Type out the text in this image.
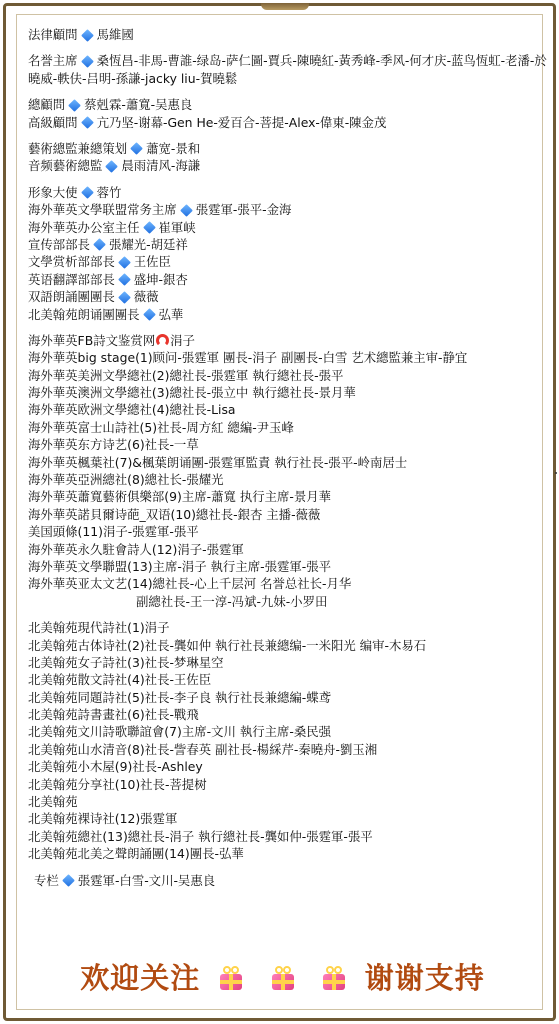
法律顧問 馬維國
名誉主席 桑恆昌-非馬-曹誰-绿岛-萨仁圖-賈兵-陳曉紅-黃秀峰-季风-何才庆-蓝鸟恆虹-老潘-於曉威-軼伕-吕明-孫謙-jacky liu-賀曉鬆
總顧問 蔡剋霖-蕭寬-吴惠良
高級顧問 亢乃坚-谢幕-Gen He-爱百合-菩提-Alex-偉東-陳金茂
藝術總監兼總策划 蕭宽-景和
音频藝術總監 晨雨清风-海謙
形象大使 蓉竹
海外華英文學联盟常务主席 張霆軍-張平-金海
海外華英办公室主任 崔軍峡
宣传部部長 張耀光-胡廷祥
文學赏析部部長 王佐臣
英语翻譯部部長 盛坤-銀杏
双語朗誦團團長 薇薇
北美翰苑朗诵團團長 弘華
海外華英FB詩文鉴赏网 涓子
海外華英big stage(1)顾问-張霆軍 團長-涓子 副團長-白雪 艺术總監兼主审-静宜
海外華英美洲文學總社(2)總社長-張霆軍 執行總社長-張平
海外華英澳洲文學總社(3)總社長-張立中 執行總社長-景月華
海外華英欧洲文學總社(4)總社長-Lisa
海外華英富士山詩社(5)社長-周方紅 總編-尹玉峰
海外華英东方诗艺(6)社長-一草
海外華英楓葉社(7)&楓葉朗诵團-張霆軍監責 執行社長-張平-岭南居士
海外華英亞洲總社(8)總社长-張耀光
海外華英蕭寬藝術俱樂部(9)主席-蕭寬 执行主席-景月華
海外華英諾貝爾诗葩_双语(10)總社長-銀杏 主播-薇薇
美国頭條(11)涓子-張霆軍-張平
海外華英永久駐會詩人(12)涓子-張霆軍
海外華英文學聯盟(13)主席-涓子 執行主席-張霆軍-張平
海外華英亚太文艺(14)總社長-心上千层河 名誉总社长-月华
副總社長-王一淳-冯斌-九妹-小罗田
北美翰苑現代詩社(1)涓子
北美翰苑古体诗社(2)社長-龔如仲 執行社長兼總编-一米阳光 编审-木易石
北美翰苑女子詩社(3)社長-梦琳星空
北美翰苑散文詩社(4)社長-王佐臣
北美翰苑同題詩社(5)社長-李子良 執行社長兼總編-蝶鸢
北美翰苑詩書畫社(6)社長-戰飛
北美翰苑文川詩歌聯誼會(7)主席-文川 執行主席-桑民强
北美翰苑山水清音(8)社長-訾春英 副社長-楊綵芹-秦曉舟-劉玉湘
北美翰苑小木屋(9)社長-Ashley
北美翰苑分享社(10)社長-菩提树
北美翰苑
北美翰苑裸诗社(12)張霆軍
北美翰苑總社(13)總社長-涓子 執行總社長-龔如仲-張霆軍-張平
北美翰苑北美之聲朗誦團(14)團長-弘華
专栏 張霆軍-白雪-文川-吴惠良
欢迎关注

	谢谢支持
